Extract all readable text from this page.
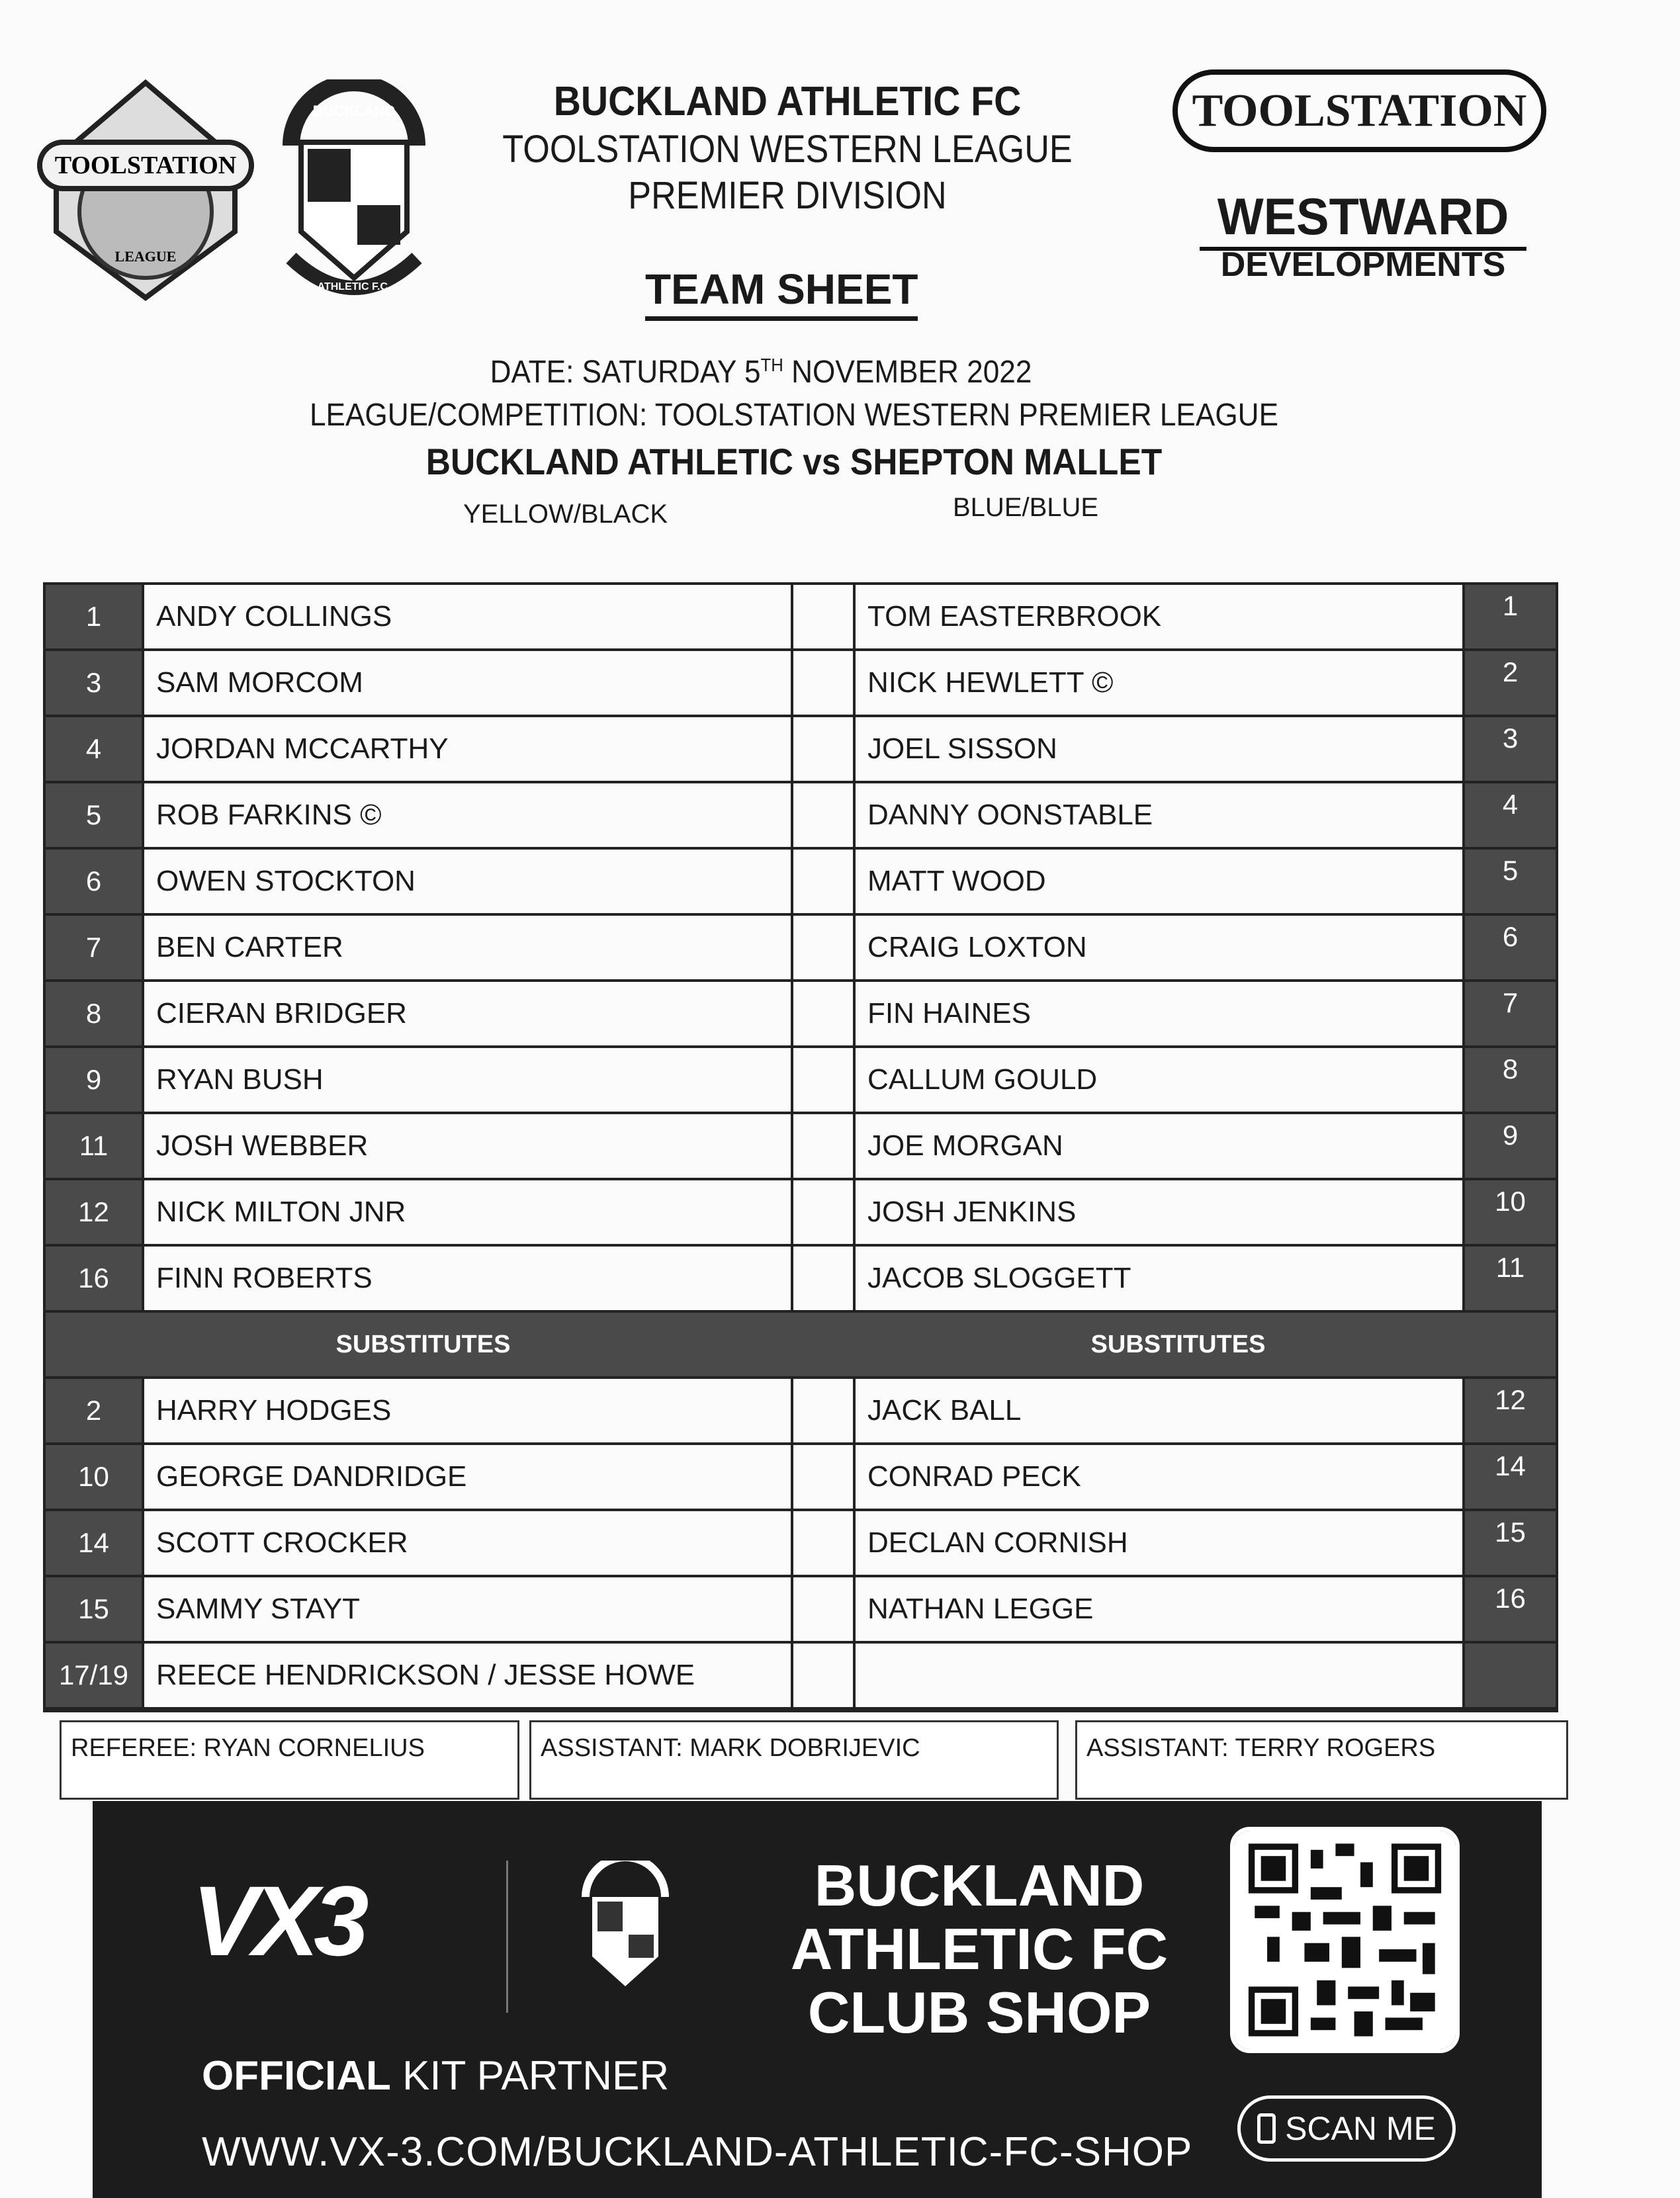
TOOLSTATION
LEAGUE
BUCKLAND
ATHLETIC F.C.
BUCKLAND ATHLETIC FC
TOOLSTATION WESTERN LEAGUE
PREMIER DIVISION
TEAM SHEET
TOOLSTATION
WESTWARD
DEVELOPMENTS
DATE: SATURDAY 5TH NOVEMBER 2022
LEAGUE/COMPETITION: TOOLSTATION WESTERN PREMIER LEAGUE
BUCKLAND ATHLETIC vs SHEPTON MALLET
YELLOW/BLACK	BLUE/BLUE
1	ANDY COLLINGS	TOM EASTERBROOK	1
3	SAM MORCOM	NICK HEWLETT ©	2
4	JORDAN MCCARTHY	JOEL SISSON	3
5	ROB FARKINS ©	DANNY OONSTABLE	4
6	OWEN STOCKTON	MATT WOOD	5
7	BEN CARTER	CRAIG LOXTON	6
8	CIERAN BRIDGER	FIN HAINES	7
9	RYAN BUSH	CALLUM GOULD	8
11	JOSH WEBBER	JOE MORGAN	9
12	NICK MILTON JNR	JOSH JENKINS	10
16	FINN ROBERTS	JACOB SLOGGETT	11
SUBSTITUTES	SUBSTITUTES
2	HARRY HODGES	JACK BALL	12
10	GEORGE DANDRIDGE	CONRAD PECK	14
14	SCOTT CROCKER	DECLAN CORNISH	15
15	SAMMY STAYT	NATHAN LEGGE	16
17/19 REECE HENDRICKSON / JESSE HOWE
REFEREE: RYAN CORNELIUS	ASSISTANT: MARK DOBRIJEVIC	ASSISTANT: TERRY ROGERS
VX3	BUCKLAND
ATHLETIC FC
CLUB SHOP
OFFICIAL KIT PARTNER
WWW.VX-3.COM/BUCKLAND-ATHLETIC-FC-SHOP
SCAN ME
